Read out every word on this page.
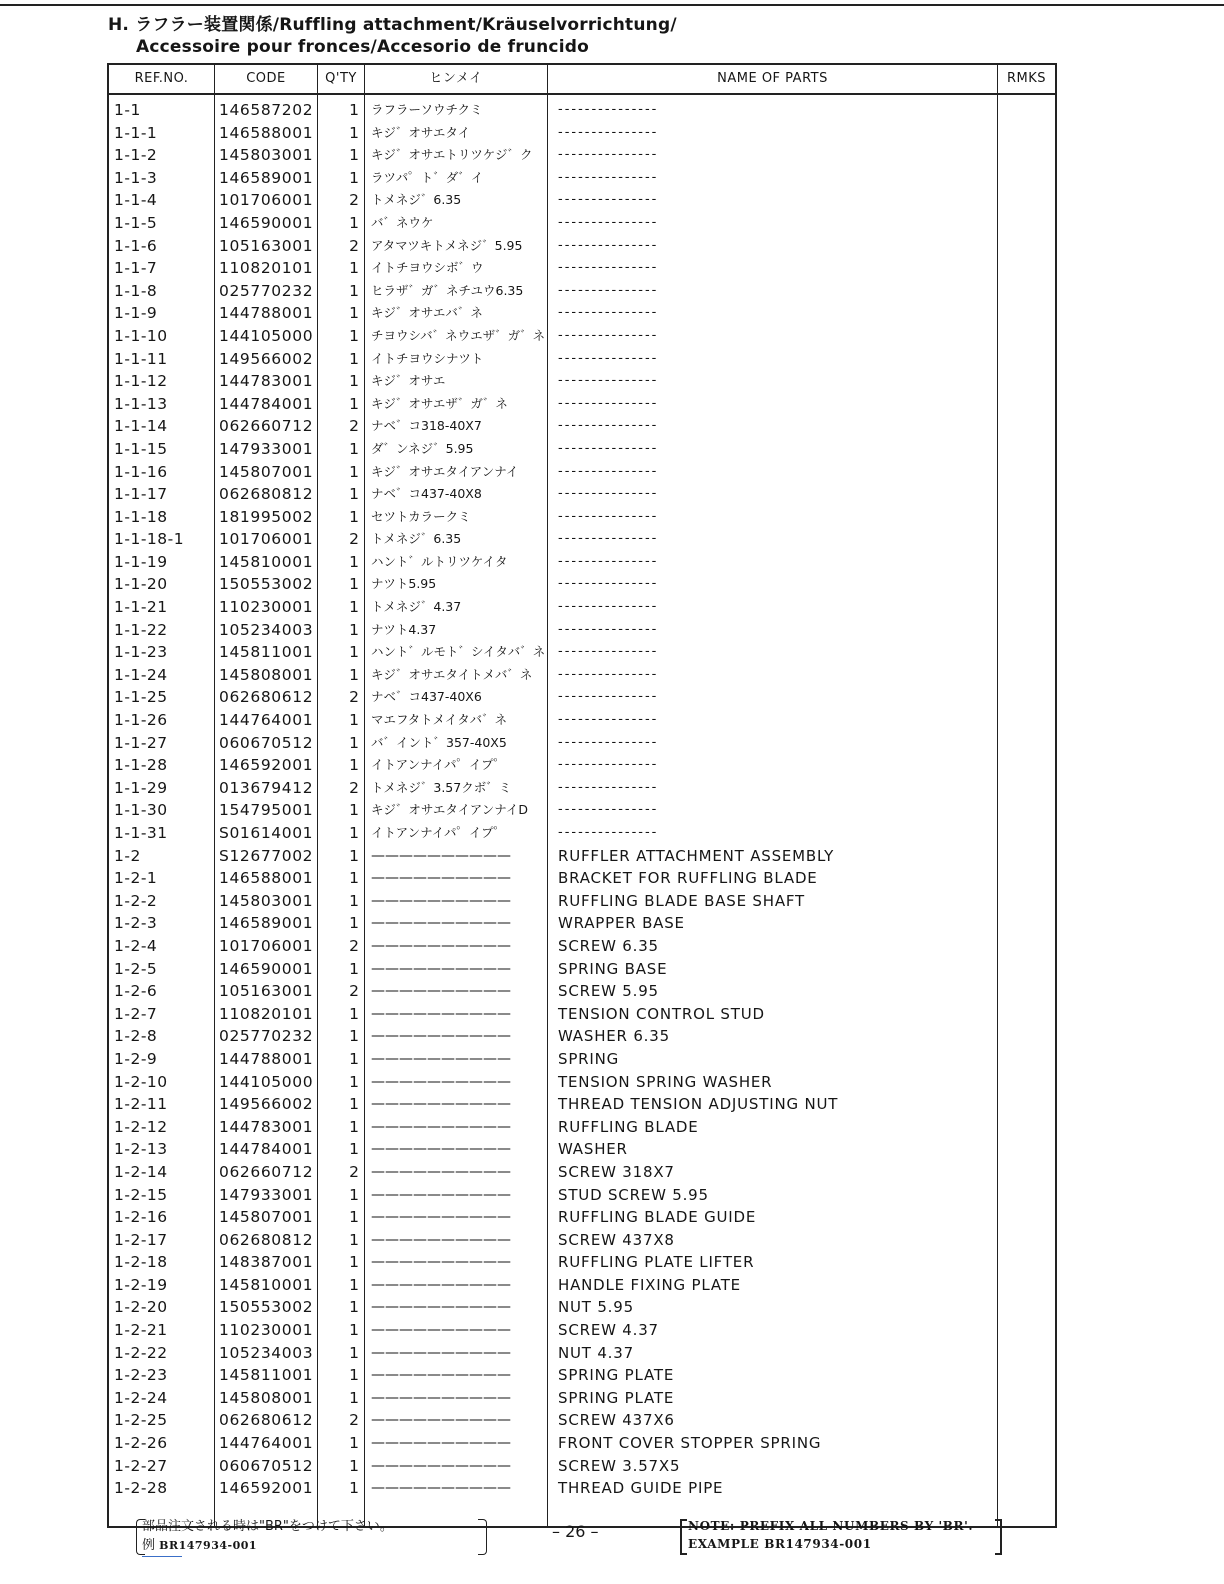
H. ラフラー装置関係/Ruffling attachment/Kräuselvorrichtung/
Accessoire pour fronces/Accesorio de fruncido
REF.NO.	CODE	Q'TY	ヒンメイ	NAME OF PARTS	RMKS
1-1	146587202	1 ラフラーソウチクミ	---------------
1-1-1	146588001	1 キジ゛オサエタイ	---------------
1-1-2	145803001	1 キジ゛オサエトリツケジ゛ク ---------------
1-1-3	146589001	1 ラツパ゜ト゛ダ゛イ	---------------
1-1-4	101706001	2 トメネジ゛6.35	---------------
1-1-5	146590001	1 バ゛ネウケ	---------------
1-1-6	105163001	2 アタマツキトメネジ゛5.95	---------------
1-1-7	110820101	1 イトチヨウシボ゛ウ	---------------
1-1-8	025770232	1 ヒラザ゛ガ゛ネチユウ6.35	---------------
1-1-9	144788001	1 キジ゛オサエバ゛ネ	---------------
1-1-10	144105000	1 チヨウシバ゛ネウエザ゛ガ゛ネ ---------------
1-1-11	149566002	1 イトチヨウシナツト	---------------
1-1-12	144783001	1 キジ゛オサエ	---------------
1-1-13	144784001	1 キジ゛オサエザ゛ガ゛ネ	---------------
1-1-14	062660712	2 ナベ゛コ318-40X7	---------------
1-1-15	147933001	1 ダ゛ンネジ゛5.95	---------------
1-1-16	145807001	1 キジ゛オサエタイアンナイ	---------------
1-1-17	062680812	1 ナベ゛コ437-40X8	---------------
1-1-18	181995002	1 セツトカラークミ	---------------
1-1-18-1 101706001	2 トメネジ゛6.35	---------------
1-1-19	145810001	1 ハント゛ルトリツケイタ	---------------
1-1-20	150553002	1 ナツト5.95	---------------
1-1-21	110230001	1 トメネジ゛4.37	---------------
1-1-22	105234003	1 ナツト4.37	---------------
1-1-23	145811001	1 ハント゛ルモト゛シイタバ゛ネ ---------------
1-1-24	145808001	1 キジ゛オサエタイトメバ゛ネ ---------------
1-1-25	062680612	2 ナベ゛コ437-40X6	---------------
1-1-26	144764001	1 マエフタトメイタバ゛ネ	---------------
1-1-27	060670512	1 バ゛イント゛357-40X5	---------------
1-1-28	146592001	1 イトアンナイパ゜イプ゜	---------------
1-1-29	013679412	2 トメネジ゛3.57クボ゛ミ	---------------
1-1-30	154795001	1 キジ゛オサエタイアンナイD ---------------
1-1-31	S01614001	1 イトアンナイパ゜イプ゜	---------------
1-2	S12677002	1 ——————————	RUFFLER ATTACHMENT ASSEMBLY
1-2-1	146588001	1 ——————————	BRACKET FOR RUFFLING BLADE
1-2-2	145803001	1 ——————————	RUFFLING BLADE BASE SHAFT
1-2-3	146589001	1 ——————————	WRAPPER BASE
1-2-4	101706001	2 ——————————	SCREW 6.35
1-2-5	146590001	1 ——————————	SPRING BASE
1-2-6	105163001	2 ——————————	SCREW 5.95
1-2-7	110820101	1 ——————————	TENSION CONTROL STUD
1-2-8	025770232	1 ——————————	WASHER 6.35
1-2-9	144788001	1 ——————————	SPRING
1-2-10	144105000	1 ——————————	TENSION SPRING WASHER
1-2-11	149566002	1 ——————————	THREAD TENSION ADJUSTING NUT
1-2-12	144783001	1 ——————————	RUFFLING BLADE
1-2-13	144784001	1 ——————————	WASHER
1-2-14	062660712	2 ——————————	SCREW 318X7
1-2-15	147933001	1 ——————————	STUD SCREW 5.95
1-2-16	145807001	1 ——————————	RUFFLING BLADE GUIDE
1-2-17	062680812	1 ——————————	SCREW 437X8
1-2-18	148387001	1 ——————————	RUFFLING PLATE LIFTER
1-2-19	145810001	1 ——————————	HANDLE FIXING PLATE
1-2-20	150553002	1 ——————————	NUT 5.95
1-2-21	110230001	1 ——————————	SCREW 4.37
1-2-22	105234003	1 ——————————	NUT 4.37
1-2-23	145811001	1 ——————————	SPRING PLATE
1-2-24	145808001	1 ——————————	SPRING PLATE
1-2-25	062680612	2 ——————————	SCREW 437X6
1-2-26	144764001	1 ——————————	FRONT COVER STOPPER SPRING
1-2-27	060670512	1 ——————————	SCREW 3.57X5
1-2-28	146592001	1 ——————————	THREAD GUIDE PIPE
部品注文される時は"BR"をつけて下さい。
例 BR147934-001
– 26 –	NOTE: PREFIX ALL NUMBERS BY 'BR'.
EXAMPLE BR147934-001
